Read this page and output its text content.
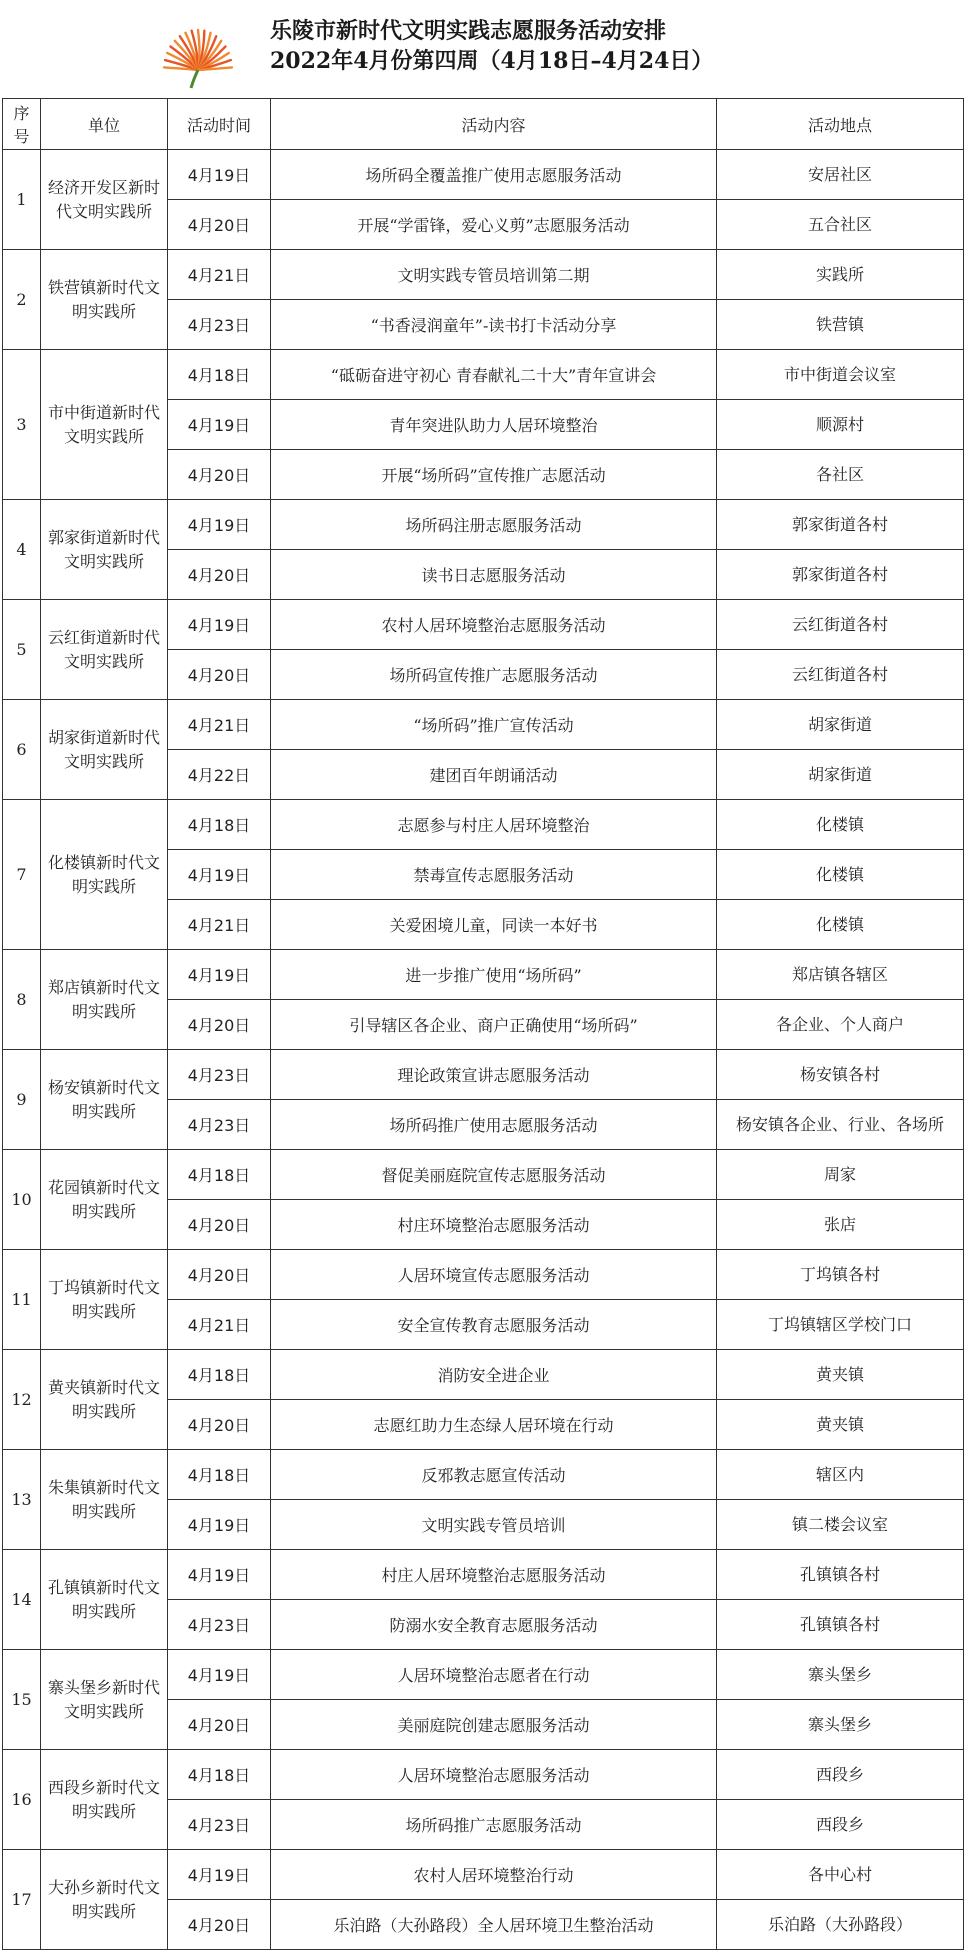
乐陵市新时代文明实践志愿服务活动安排
2022年4月份第四周（4月18日–4月24日）
序号	单位	活动时间	活动内容	活动地点
1	经济开发区新时代文明实践所	4月19日	场所码全覆盖推广使用志愿服务活动	安居社区
		4月20日	开展“学雷锋，爱心义剪”志愿服务活动	五合社区
2	铁营镇新时代文明实践所	4月21日	文明实践专管员培训第二期	实践所
		4月23日	“书香浸润童年”-读书打卡活动分享	铁营镇
3	市中街道新时代文明实践所	4月18日	“砥砺奋进守初心 青春献礼二十大”青年宣讲会	市中街道会议室
		4月19日	青年突进队助力人居环境整治	顺源村
		4月20日	开展“场所码”宣传推广志愿活动	各社区
4	郭家街道新时代文明实践所	4月19日	场所码注册志愿服务活动	郭家街道各村
		4月20日	读书日志愿服务活动	郭家街道各村
5	云红街道新时代文明实践所	4月19日	农村人居环境整治志愿服务活动	云红街道各村
		4月20日	场所码宣传推广志愿服务活动	云红街道各村
6	胡家街道新时代文明实践所	4月21日	“场所码”推广宣传活动	胡家街道
		4月22日	建团百年朗诵活动	胡家街道
7	化楼镇新时代文明实践所	4月18日	志愿参与村庄人居环境整治	化楼镇
		4月19日	禁毒宣传志愿服务活动	化楼镇
		4月21日	关爱困境儿童，同读一本好书	化楼镇
8	郑店镇新时代文明实践所	4月19日	进一步推广使用“场所码”	郑店镇各辖区
		4月20日	引导辖区各企业、商户正确使用“场所码”	各企业、个人商户
9	杨安镇新时代文明实践所	4月23日	理论政策宣讲志愿服务活动	杨安镇各村
		4月23日	场所码推广使用志愿服务活动	杨安镇各企业、行业、各场所
10	花园镇新时代文明实践所	4月18日	督促美丽庭院宣传志愿服务活动	周家
		4月20日	村庄环境整治志愿服务活动	张店
11	丁坞镇新时代文明实践所	4月20日	人居环境宣传志愿服务活动	丁坞镇各村
		4月21日	安全宣传教育志愿服务活动	丁坞镇辖区学校门口
12	黄夹镇新时代文明实践所	4月18日	消防安全进企业	黄夹镇
		4月20日	志愿红助力生态绿人居环境在行动	黄夹镇
13	朱集镇新时代文明实践所	4月18日	反邪教志愿宣传活动	辖区内
		4月19日	文明实践专管员培训	镇二楼会议室
14	孔镇镇新时代文明实践所	4月19日	村庄人居环境整治志愿服务活动	孔镇镇各村
		4月23日	防溺水安全教育志愿服务活动	孔镇镇各村
15	寨头堡乡新时代文明实践所	4月19日	人居环境整治志愿者在行动	寨头堡乡
		4月20日	美丽庭院创建志愿服务活动	寨头堡乡
16	西段乡新时代文明实践所	4月18日	人居环境整治志愿服务活动	西段乡
		4月23日	场所码推广志愿服务活动	西段乡
17	大孙乡新时代文明实践所	4月19日	农村人居环境整治行动	各中心村
		4月20日	乐泊路（大孙路段）全人居环境卫生整治活动	乐泊路（大孙路段）
